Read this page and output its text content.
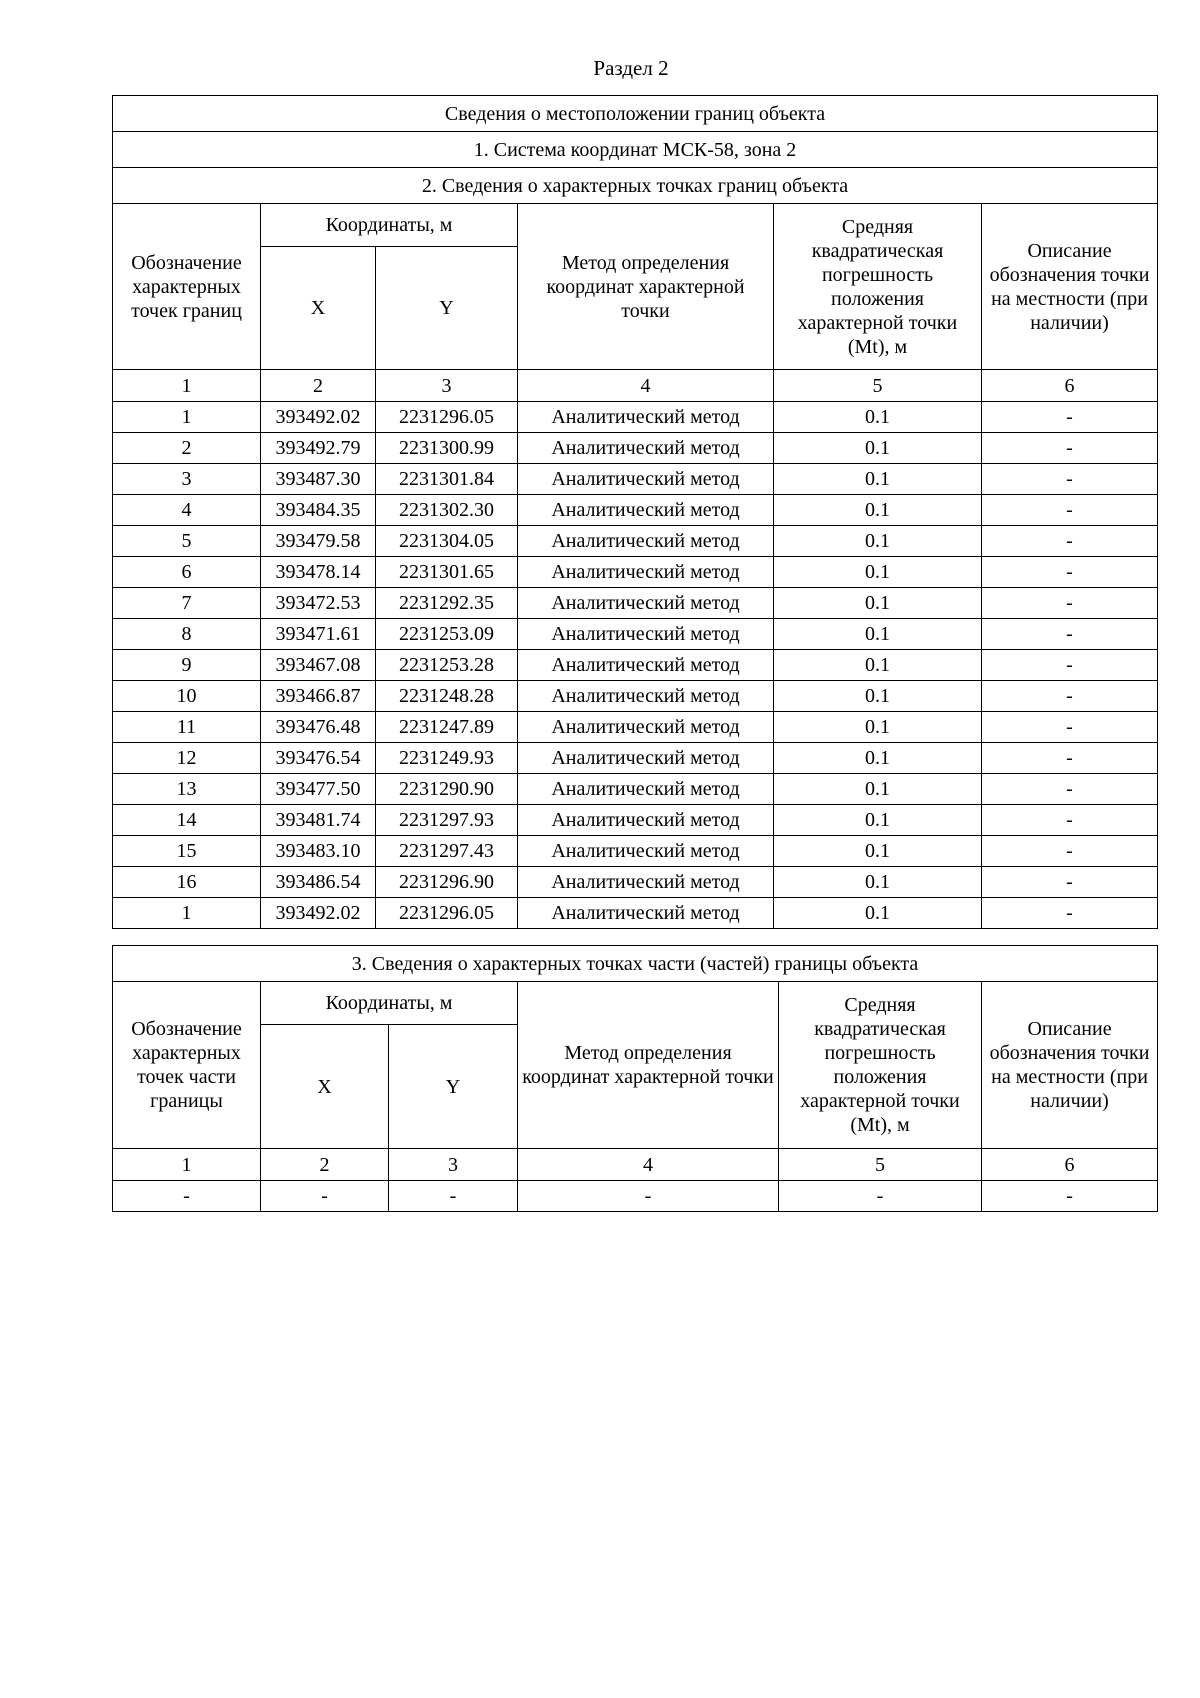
Раздел 2
Сведения о местоположении границ объекта					
1. Система координат МСК-58, зона 2					
2. Сведения о характерных точках границ объекта					
Обозначение характерных точек границ	Координаты, м		Метод определения координат характерной точки	Средняя квадратическая погрешность положения характерной точки (Mt), м	Описание обозначения точки на местности (при наличии)
	X	Y			
1	2	3	4	5	6
1	393492.02	2231296.05	Аналитический метод	0.1	-
2	393492.79	2231300.99	Аналитический метод	0.1	-
3	393487.30	2231301.84	Аналитический метод	0.1	-
4	393484.35	2231302.30	Аналитический метод	0.1	-
5	393479.58	2231304.05	Аналитический метод	0.1	-
6	393478.14	2231301.65	Аналитический метод	0.1	-
7	393472.53	2231292.35	Аналитический метод	0.1	-
8	393471.61	2231253.09	Аналитический метод	0.1	-
9	393467.08	2231253.28	Аналитический метод	0.1	-
10	393466.87	2231248.28	Аналитический метод	0.1	-
11	393476.48	2231247.89	Аналитический метод	0.1	-
12	393476.54	2231249.93	Аналитический метод	0.1	-
13	393477.50	2231290.90	Аналитический метод	0.1	-
14	393481.74	2231297.93	Аналитический метод	0.1	-
15	393483.10	2231297.43	Аналитический метод	0.1	-
16	393486.54	2231296.90	Аналитический метод	0.1	-
1	393492.02	2231296.05	Аналитический метод	0.1	-
3. Сведения о характерных точках части (частей) границы объекта					
Обозначение характерных точек части границы	Координаты, м		Метод определения координат характерной точки	Средняя квадратическая погрешность положения характерной точки (Mt), м	Описание обозначения точки на местности (при наличии)
	X	Y			
1	2	3	4	5	6
-	-	-	-	-	-
